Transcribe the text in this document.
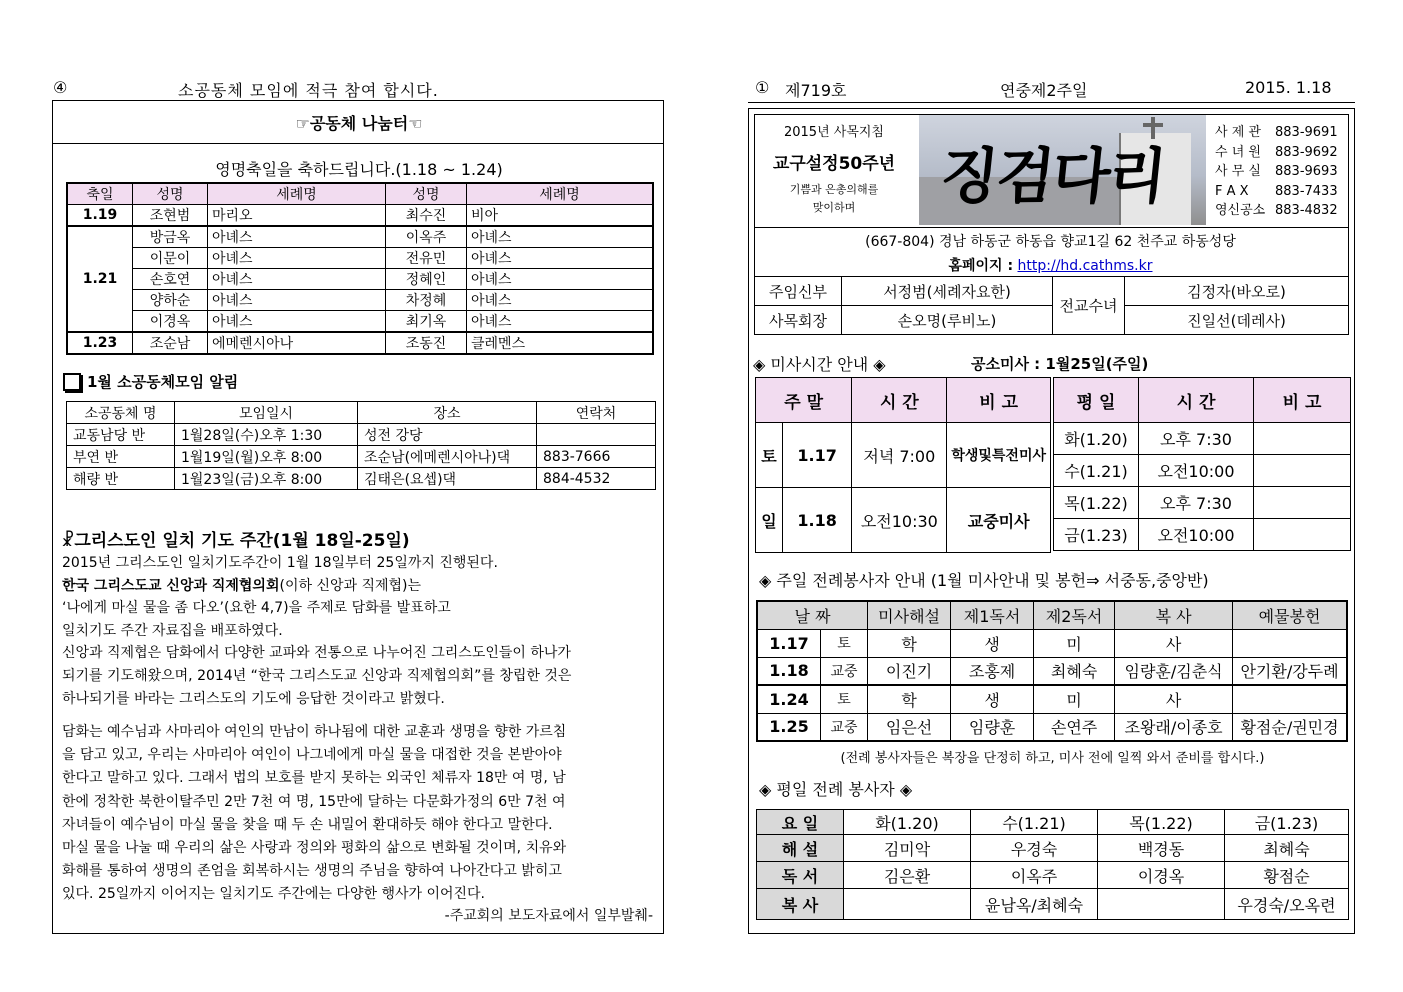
④	소공동체 모임에 적극 참여 합시다.
☞공동체 나눔터☜
영명축일을 축하드립니다.(1.18 ~ 1.24)
축일	성명	세례명	성명	세례명
1.19	조현범	마리오	최수진	비아
1.21	방금옥	아녜스	이옥주	아녜스
	이문이	아녜스	전유민	아녜스
	손호연	아녜스	정혜인	아녜스
	양하순	아녜스	차정혜	아녜스
	이경옥	아녜스	최기옥	아녜스
1.23	조순남	에메렌시아나	조동진	클레멘스
1월 소공동체모임 알림
소공동체 명	모임일시	장소	연락처
교동남당 반	1월28일(수)오후 1:30	성전 강당	
부연 반	1월19일(월)오후 8:00	조순남(에메렌시아나)댁	883-7666
해량 반	1월23일(금)오후 8:00	김태은(요셉)댁	884-4532
☧그리스도인 일치 기도 주간(1월 18일-25일)
2015년 그리스도인 일치기도주간이 1월 18일부터 25일까지 진행된다.
한국 그리스도교 신앙과 직제협의회(이하 신앙과 직제협)는
‘나에게 마실 물을 좀 다오’(요한 4,7)을 주제로 담화를 발표하고
일치기도 주간 자료집을 배포하였다.
신앙과 직제협은 담화에서 다양한 교파와 전통으로 나누어진 그리스도인들이 하나가
되기를 기도해왔으며, 2014년 “한국 그리스도교 신앙과 직제협의회”를 창립한 것은
하나되기를 바라는 그리스도의 기도에 응답한 것이라고 밝혔다.
담화는 예수님과 사마리아 여인의 만남이 하나됨에 대한 교훈과 생명을 향한 가르침
을 담고 있고, 우리는 사마리아 여인이 나그네에게 마실 물을 대접한 것을 본받아야
한다고 말하고 있다. 그래서 법의 보호를 받지 못하는 외국인 체류자 18만 여 명, 남
한에 정착한 북한이탈주민 2만 7천 여 명, 15만에 달하는 다문화가정의 6만 7천 여
자녀들이 예수님이 마실 물을 찾을 때 두 손 내밀어 환대하듯 해야 한다고 말한다.
마실 물을 나눌 때 우리의 삶은 사랑과 정의와 평화의 삶으로 변화될 것이며, 치유와
화해를 통하여 생명의 존엄을 회복하시는 생명의 주님을 향하여 나아간다고 밝히고
있다. 25일까지 이어지는 일치기도 주간에는 다양한 행사가 이어진다.
-주교회의 보도자료에서 일부발췌-
① 제719호	연중제2주일	2015. 1.18
2015년 사목지침
교구설정50주년
기쁨과 은총의해를
맞이하며	징검다리
사 제 관 883-9691
수 녀 원 883-9692
사 무 실 883-9693
F A X 883-7433
영신공소 883-4832
(667-804) 경남 하동군 하동읍 향교1길 62 천주교 하동성당
홈페이지 : http://hd.cathms.kr
주임신부	서정범(세례자요한)	전교수녀	김정자(바오로)
사목회장	손오명(루비노)		진일선(데레사)
◈ 미사시간 안내 ◈	공소미사 : 1월25일(주일)
주 말		시 간	비 고
토	1.17	저녁 7:00	학생및특전미사
일	1.18	오전10:30	교중미사
평 일	시 간	비 고
화(1.20)	오후 7:30	
수(1.21)	오전10:00	
목(1.22)	오후 7:30	
금(1.23)	오전10:00	
◈ 주일 전례봉사자 안내 (1월 미사안내 및 봉헌⇒ 서중동,중앙반)
날 짜		미사해설	제1독서	제2독서	복 사	예물봉헌
1.17	토	학	생	미	사	
1.18	교중	이진기	조홍제	최혜숙	임량훈/김춘식	안기환/강두례
1.24	토	학	생	미	사	
1.25	교중	임은선	임량훈	손연주	조왕래/이종호	황점순/권민경
(전례 봉사자들은 복장을 단정히 하고, 미사 전에 일찍 와서 준비를 합시다.)
◈ 평일 전례 봉사자 ◈
요 일	화(1.20)	수(1.21)	목(1.22)	금(1.23)
해 설	김미악	우경숙	백경동	최혜숙
독 서	김은환	이옥주	이경옥	황점순
복 사		윤남옥/최혜숙		우경숙/오옥련
